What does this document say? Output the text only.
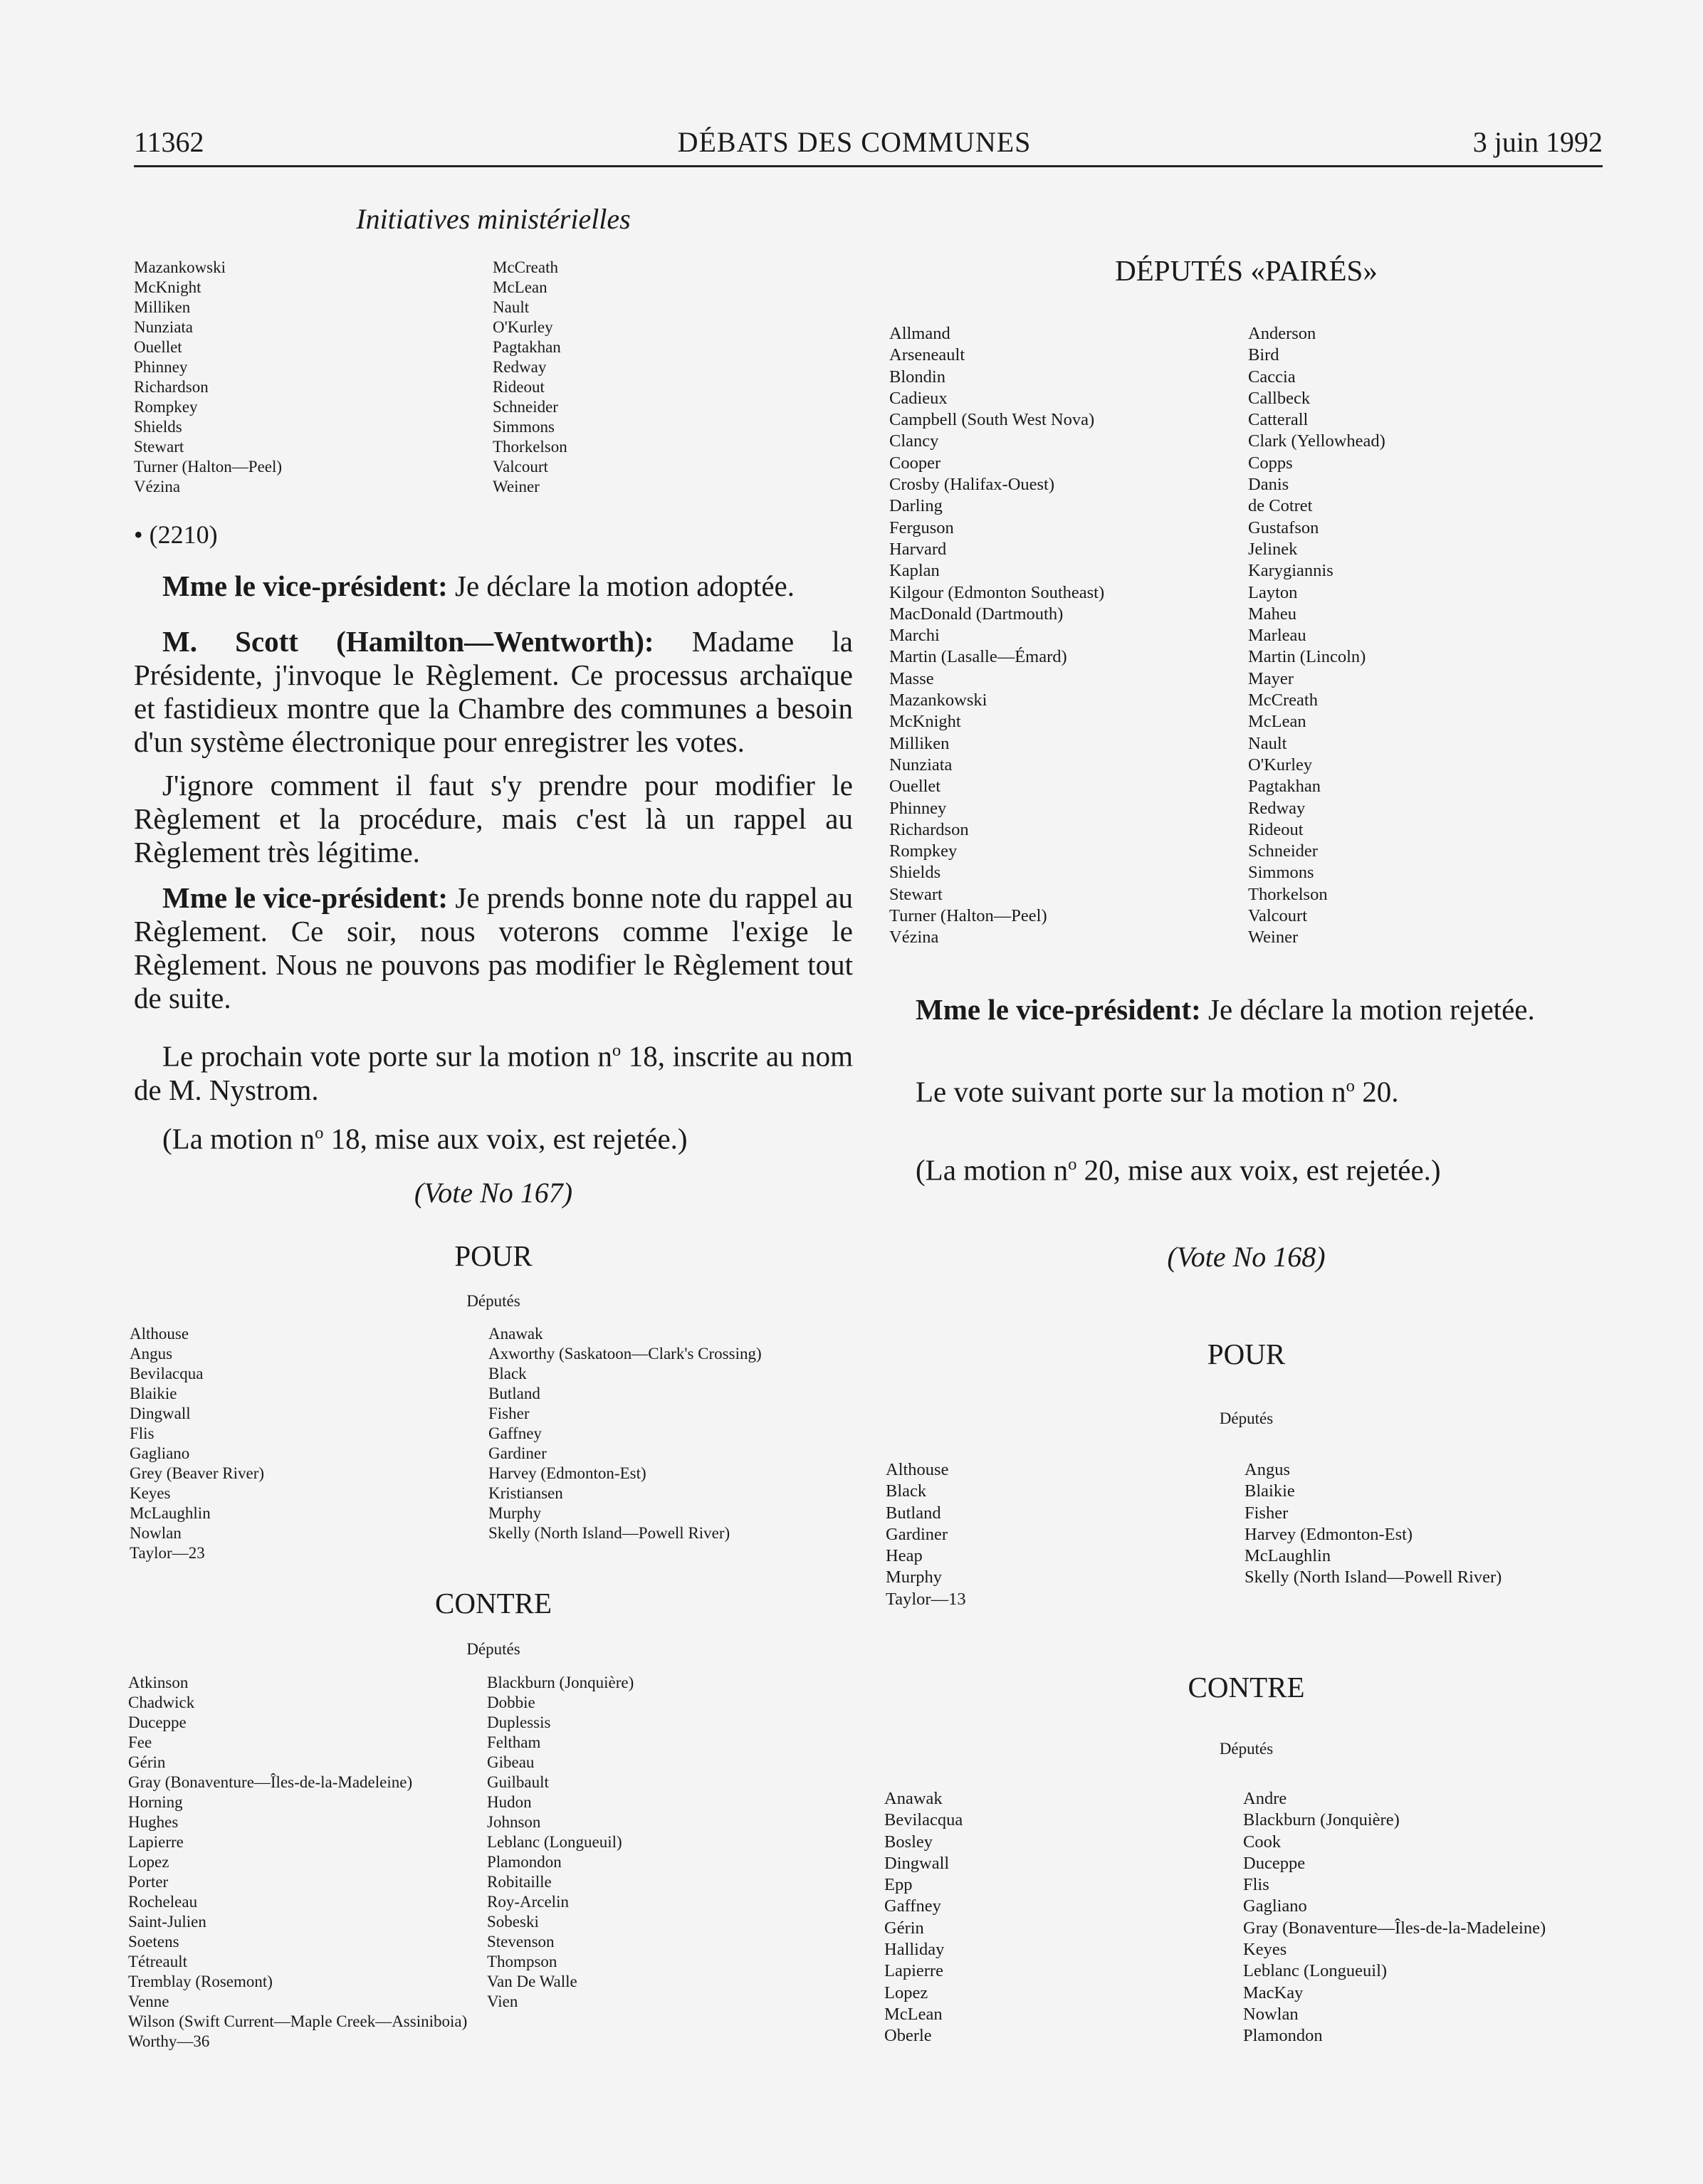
11362	DÉBATS DES COMMUNES	3 juin 1992
Initiatives ministérielles
Mazankowski
McKnight
Milliken
Nunziata
Ouellet
Phinney
Richardson
Rompkey
Shields
Stewart
Turner (Halton—Peel)
Vézina
McCreath
McLean
Nault
O'Kurley
Pagtakhan
Redway
Rideout
Schneider
Simmons
Thorkelson
Valcourt
Weiner
• (2210)
Mme le vice-président: Je déclare la motion adoptée.
M. Scott (Hamilton—Wentworth): Madame la Présidente, j'invoque le Règlement. Ce processus archaïque et fastidieux montre que la Chambre des communes a besoin d'un système électronique pour enregistrer les votes.
J'ignore comment il faut s'y prendre pour modifier le Règlement et la procédure, mais c'est là un rappel au Règlement très légitime.
Mme le vice-président: Je prends bonne note du rappel au Règlement. Ce soir, nous voterons comme l'exige le Règlement. Nous ne pouvons pas modifier le Règlement tout de suite.
Le prochain vote porte sur la motion $n^o$ 18, inscrite au nom de M. Nystrom.
(La motion $n^o$ 18, mise aux voix, est rejetée.)
(Vote No 167)
POUR
Députés
Althouse
Angus
Bevilacqua
Blaikie
Dingwall
Flis
Gagliano
Grey (Beaver River)
Keyes
McLaughlin
Nowlan
Taylor—23
Anawak
Axworthy (Saskatoon—Clark's Crossing)
Black
Butland
Fisher
Gaffney
Gardiner
Harvey (Edmonton-Est)
Kristiansen
Murphy
Skelly (North Island—Powell River)
CONTRE
Députés
Atkinson
Chadwick
Duceppe
Fee
Gérin
Gray (Bonaventure—Îles-de-la-Madeleine)
Horning
Hughes
Lapierre
Lopez
Porter
Rocheleau
Saint-Julien
Soetens
Tétreault
Tremblay (Rosemont)
Venne
Wilson (Swift Current—Maple Creek—Assiniboia)
Worthy—36
Blackburn (Jonquière)
Dobbie
Duplessis
Feltham
Gibeau
Guilbault
Hudon
Johnson
Leblanc (Longueuil)
Plamondon
Robitaille
Roy-Arcelin
Sobeski
Stevenson
Thompson
Van De Walle
Vien
DÉPUTÉS «PAIRÉS»
Allmand
Arseneault
Blondin
Cadieux
Campbell (South West Nova)
Clancy
Cooper
Crosby (Halifax-Ouest)
Darling
Ferguson
Harvard
Kaplan
Kilgour (Edmonton Southeast)
MacDonald (Dartmouth)
Marchi
Martin (Lasalle—Émard)
Masse
Mazankowski
McKnight
Milliken
Nunziata
Ouellet
Phinney
Richardson
Rompkey
Shields
Stewart
Turner (Halton—Peel)
Vézina
Anderson
Bird
Caccia
Callbeck
Catterall
Clark (Yellowhead)
Copps
Danis
de Cotret
Gustafson
Jelinek
Karygiannis
Layton
Maheu
Marleau
Martin (Lincoln)
Mayer
McCreath
McLean
Nault
O'Kurley
Pagtakhan
Redway
Rideout
Schneider
Simmons
Thorkelson
Valcourt
Weiner
Mme le vice-président: Je déclare la motion rejetée.
Le vote suivant porte sur la motion $n^o$ 20.
(La motion $n^o$ 20, mise aux voix, est rejetée.)
(Vote No 168)
POUR
Députés
Althouse
Black
Butland
Gardiner
Heap
Murphy
Taylor—13
Angus
Blaikie
Fisher
Harvey (Edmonton-Est)
McLaughlin
Skelly (North Island—Powell River)
CONTRE
Députés
Anawak
Bevilacqua
Bosley
Dingwall
Epp
Gaffney
Gérin
Halliday
Lapierre
Lopez
McLean
Oberle
Andre
Blackburn (Jonquière)
Cook
Duceppe
Flis
Gagliano
Gray (Bonaventure—Îles-de-la-Madeleine)
Keyes
Leblanc (Longueuil)
MacKay
Nowlan
Plamondon
